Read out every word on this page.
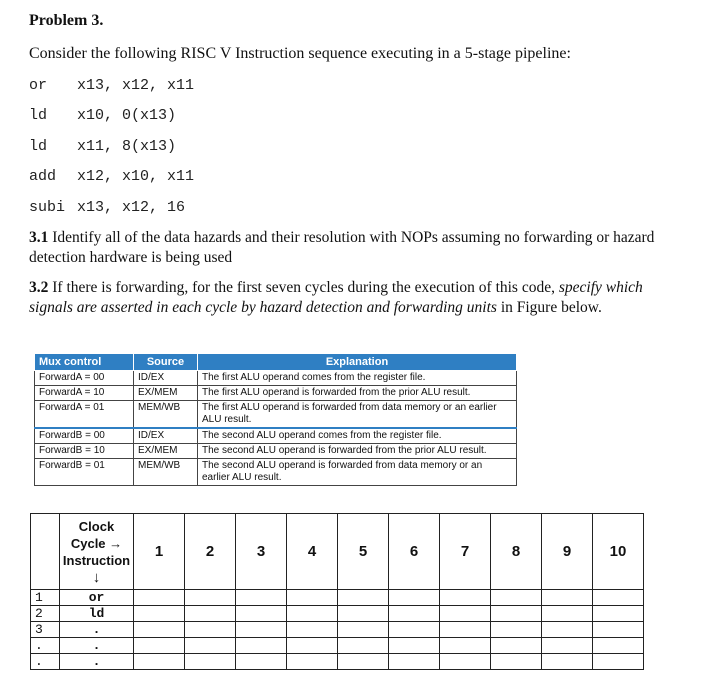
Problem 3.
Consider the following RISC V Instruction sequence executing in a 5-stage pipeline:
or x13, x12, x11
ld x10, 0(x13)
ld x11, 8(x13)
add x12, x10, x11
subi x13, x12, 16
3.1 Identify all of the data hazards and their resolution with NOPs assuming no forwarding or hazard detection hardware is being used
3.2 If there is forwarding, for the first seven cycles during the execution of this code, specify which signals are asserted in each cycle by hazard detection and forwarding units in Figure below.
Mux control	Source	Explanation
ForwardA = 00	ID/EX	The first ALU operand comes from the register file.
ForwardA = 10	EX/MEM	The first ALU operand is forwarded from the prior ALU result.
ForwardA = 01	MEM/WB	The first ALU operand is forwarded from data memory or an earlier ALU result.
ForwardB = 00	ID/EX	The second ALU operand comes from the register file.
ForwardB = 10	EX/MEM	The second ALU operand is forwarded from the prior ALU result.
ForwardB = 01	MEM/WB	The second ALU operand is forwarded from data memory or an earlier ALU result.
	Clock
Cycle →
Instruction
↓	1	2	3	4	5	6	7	8	9	10
1	or										
2	ld										
3	.										
.	.										
.	.										
